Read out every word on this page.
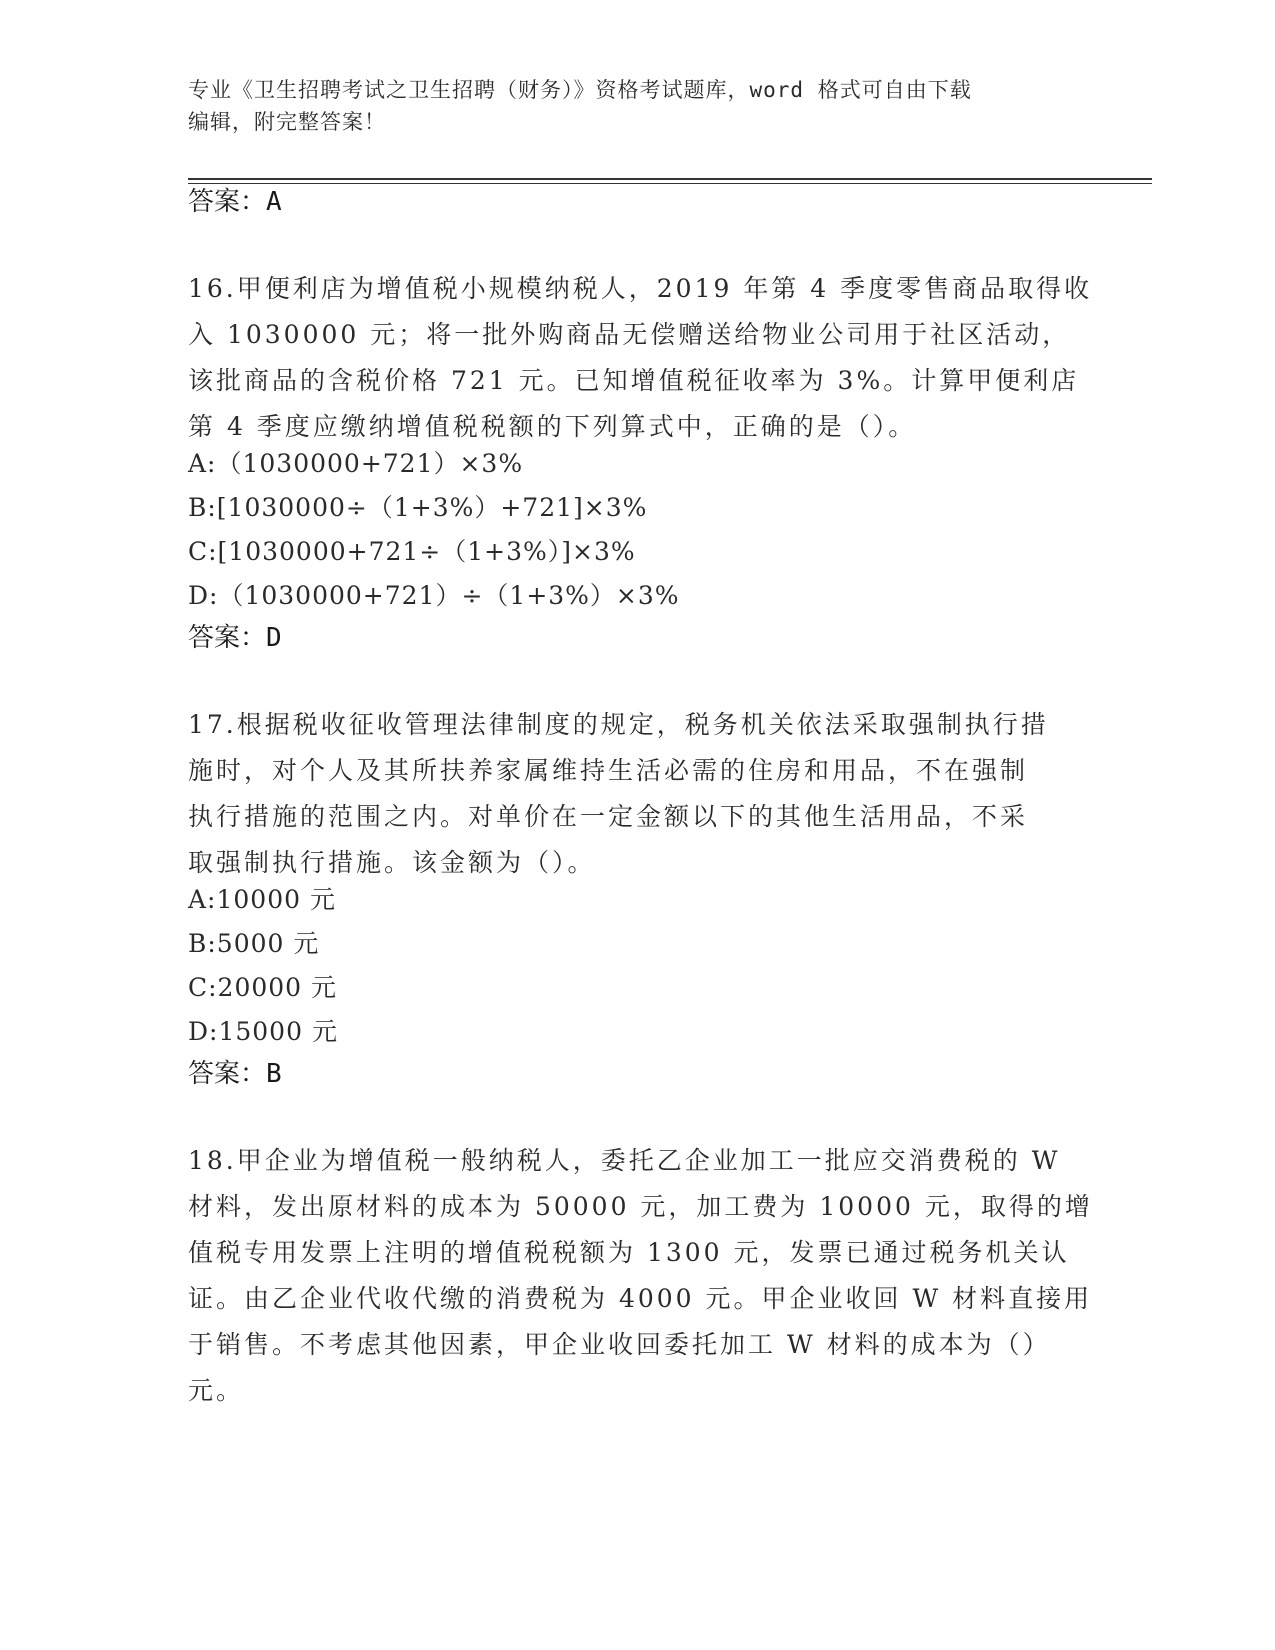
专业《卫生招聘考试之卫生招聘（财务）》资格考试题库，word 格式可自由下载
编辑，附完整答案！
答案：A
16.甲便利店为增值税小规模纳税人，2019 年第 4 季度零售商品取得收
入 1030000 元；将一批外购商品无偿赠送给物业公司用于社区活动，
该批商品的含税价格 721 元。已知增值税征收率为 3%。计算甲便利店
第 4 季度应缴纳增值税税额的下列算式中，正确的是（）。
A:（1030000+721）×3%
B:[1030000÷（1+3%）+721]×3%
C:[1030000+721÷（1+3%）]×3%
D:（1030000+721）÷（1+3%）×3%
答案：D
17.根据税收征收管理法律制度的规定，税务机关依法采取强制执行措
施时，对个人及其所扶养家属维持生活必需的住房和用品，不在强制
执行措施的范围之内。对单价在一定金额以下的其他生活用品，不采
取强制执行措施。该金额为（）。
A:10000 元
B:5000 元
C:20000 元
D:15000 元
答案：B
18.甲企业为增值税一般纳税人，委托乙企业加工一批应交消费税的 W
材料，发出原材料的成本为 50000 元，加工费为 10000 元，取得的增
值税专用发票上注明的增值税税额为 1300 元，发票已通过税务机关认
证。由乙企业代收代缴的消费税为 4000 元。甲企业收回 W 材料直接用
于销售。不考虑其他因素，甲企业收回委托加工 W 材料的成本为（）
元。
